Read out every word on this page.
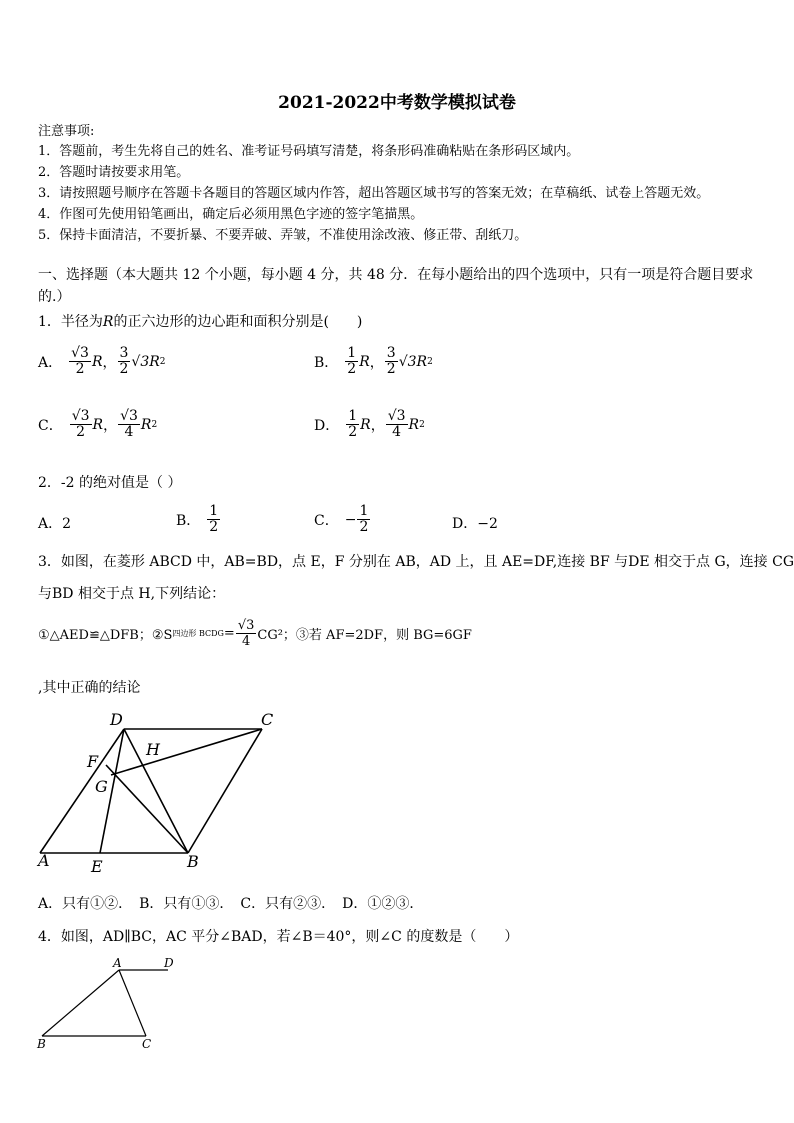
2021-2022中考数学模拟试卷
注意事项:
1．答题前，考生先将自己的姓名、准考证号码填写清楚，将条形码准确粘贴在条形码区域内。
2．答题时请按要求用笔。
3．请按照题号顺序在答题卡各题目的答题区域内作答，超出答题区域书写的答案无效；在草稿纸、试卷上答题无效。
4．作图可先使用铅笔画出，确定后必须用黑色字迹的签字笔描黑。
5．保持卡面清洁，不要折暴、不要弄破、弄皱，不准使用涂改液、修正带、刮纸刀。
一、选择题（本大题共 12 个小题，每小题 4 分，共 48 分．在每小题给出的四个选项中，只有一项是符合题目要求
的.）
1．半径为R的正六边形的边心距和面积分别是(　　)
A． $\frac{√3}{2}$ R ， $\frac{3}{2} √3R$ 2	B． $\frac{1}{2}$ R ， $\frac{3}{2} √3R$ 2
C． $\frac{√3}{2}$ R ， $\frac{√3}{4}$ R 2	D． $\frac{1}{2}$ R ， $\frac{√3}{4}$ R 2
2．-2 的绝对值是（ ）
A．2	B． $\frac{1}{2}$	C． − $\frac{1}{2}$	D．−2
3．如图，在菱形 ABCD 中，AB=BD，点 E，F 分别在 AB，AD 上，且 AE=DF,连接 BF 与DE 相交于点 G，连接 CG
与BD 相交于点 H,下列结论：
①△AED≌△DFB；②S 四边形 BCDG = $\frac{√3}{4} CG^2$；③若 AF=2DF，则 BG=6GF
,其中正确的结论
D	C
H
F
G
A	E	B
A．只有①②．　B．只有①③．　C．只有②③．　D．①②③．
4．如图，AD∥BC，AC 平分∠BAD，若∠B＝40°，则∠C 的度数是（　　）
A	D
B	C
